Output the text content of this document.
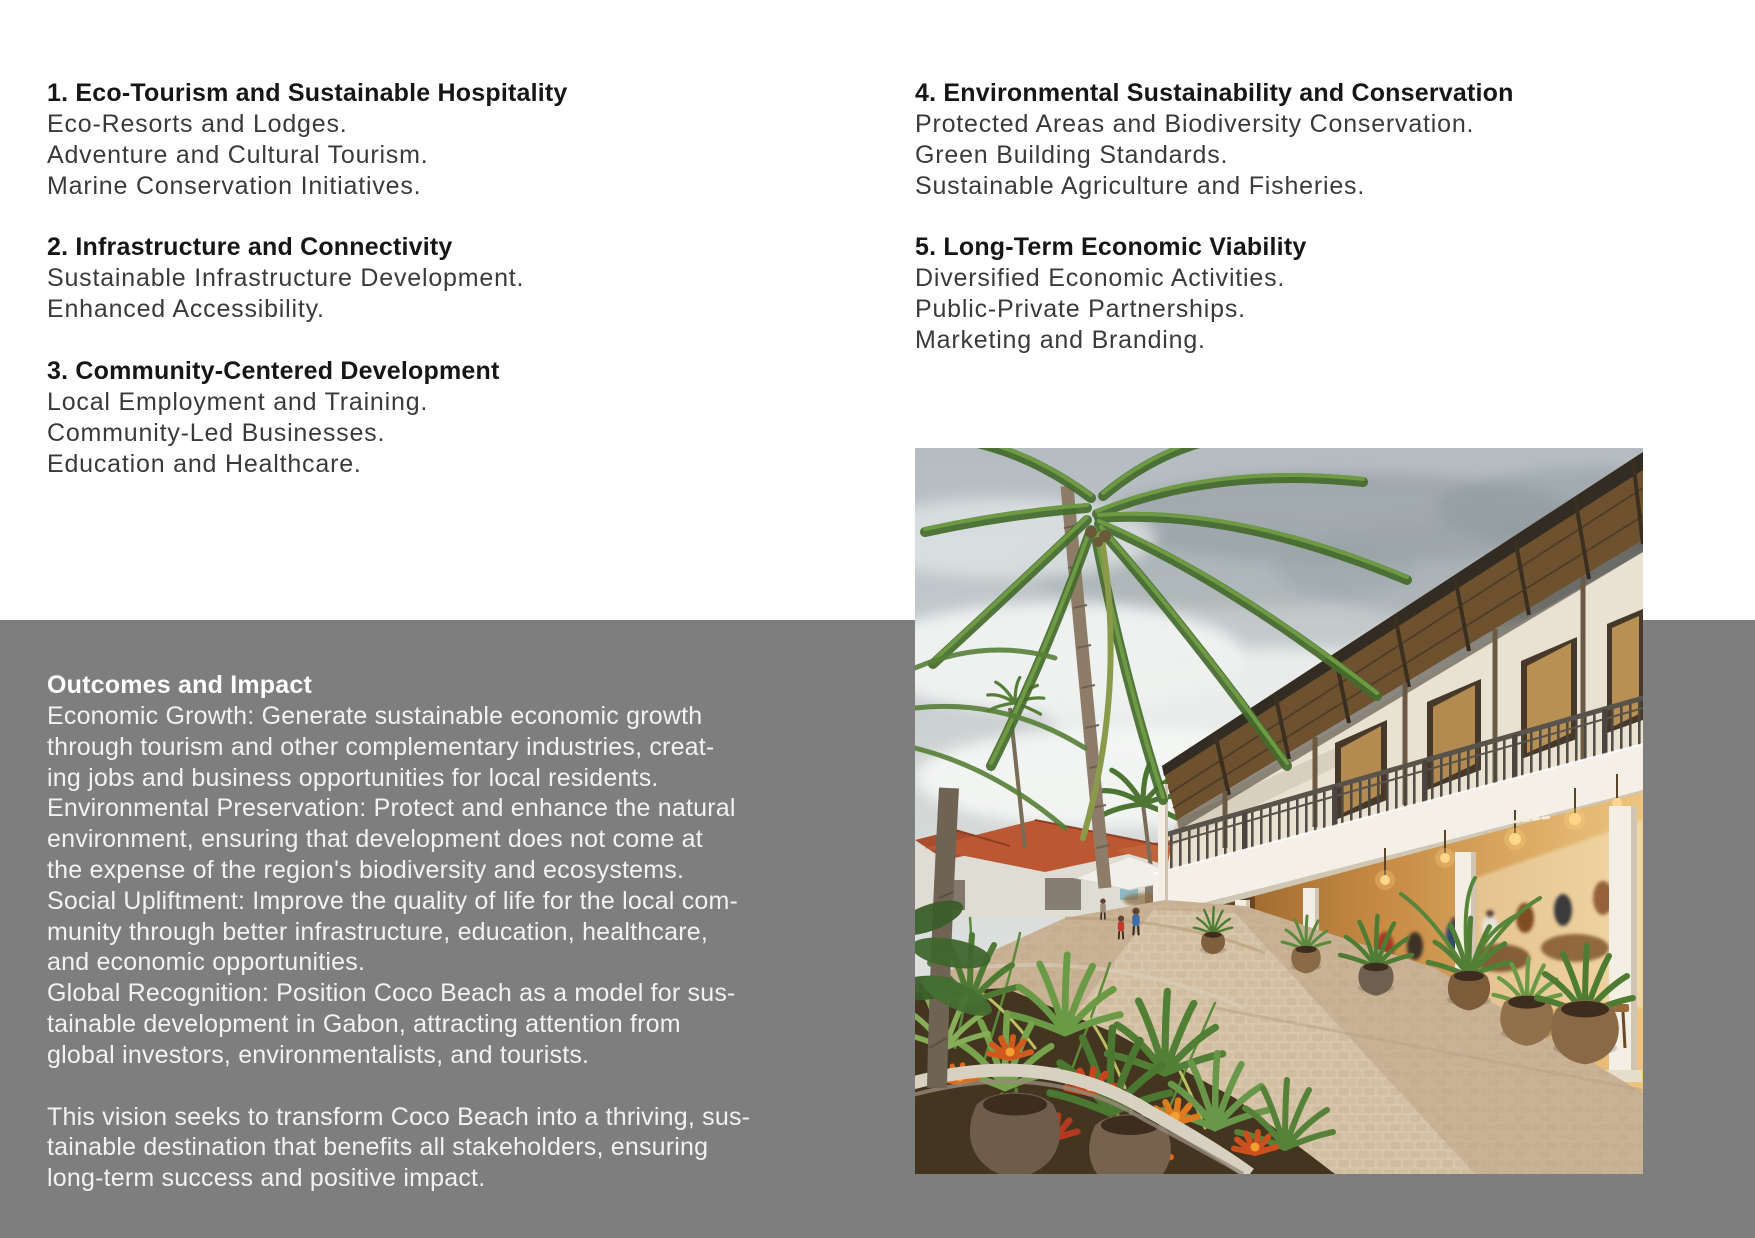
1. Eco-Tourism and Sustainable Hospitality
Eco-Resorts and Lodges.
Adventure and Cultural Tourism.
Marine Conservation Initiatives.
2. Infrastructure and Connectivity
Sustainable Infrastructure Development.
Enhanced Accessibility.
3. Community-Centered Development
Local Employment and Training.
Community-Led Businesses.
Education and Healthcare.
4. Environmental Sustainability and Conservation
Protected Areas and Biodiversity Conservation.
Green Building Standards.
Sustainable Agriculture and Fisheries.
5. Long-Term Economic Viability
Diversified Economic Activities.
Public-Private Partnerships.
Marketing and Branding.
Outcomes and Impact
Economic Growth: Generate sustainable economic growth
through tourism and other complementary industries, creat-
ing jobs and business opportunities for local residents.
Environmental Preservation: Protect and enhance the natural
environment, ensuring that development does not come at
the expense of the region's biodiversity and ecosystems.
Social Upliftment: Improve the quality of life for the local com-
munity through better infrastructure, education, healthcare,
and economic opportunities.
Global Recognition: Position Coco Beach as a model for sus-
tainable development in Gabon, attracting attention from
global investors, environmentalists, and tourists.
This vision seeks to transform Coco Beach into a thriving, sus-
tainable destination that benefits all stakeholders, ensuring
long-term success and positive impact.
